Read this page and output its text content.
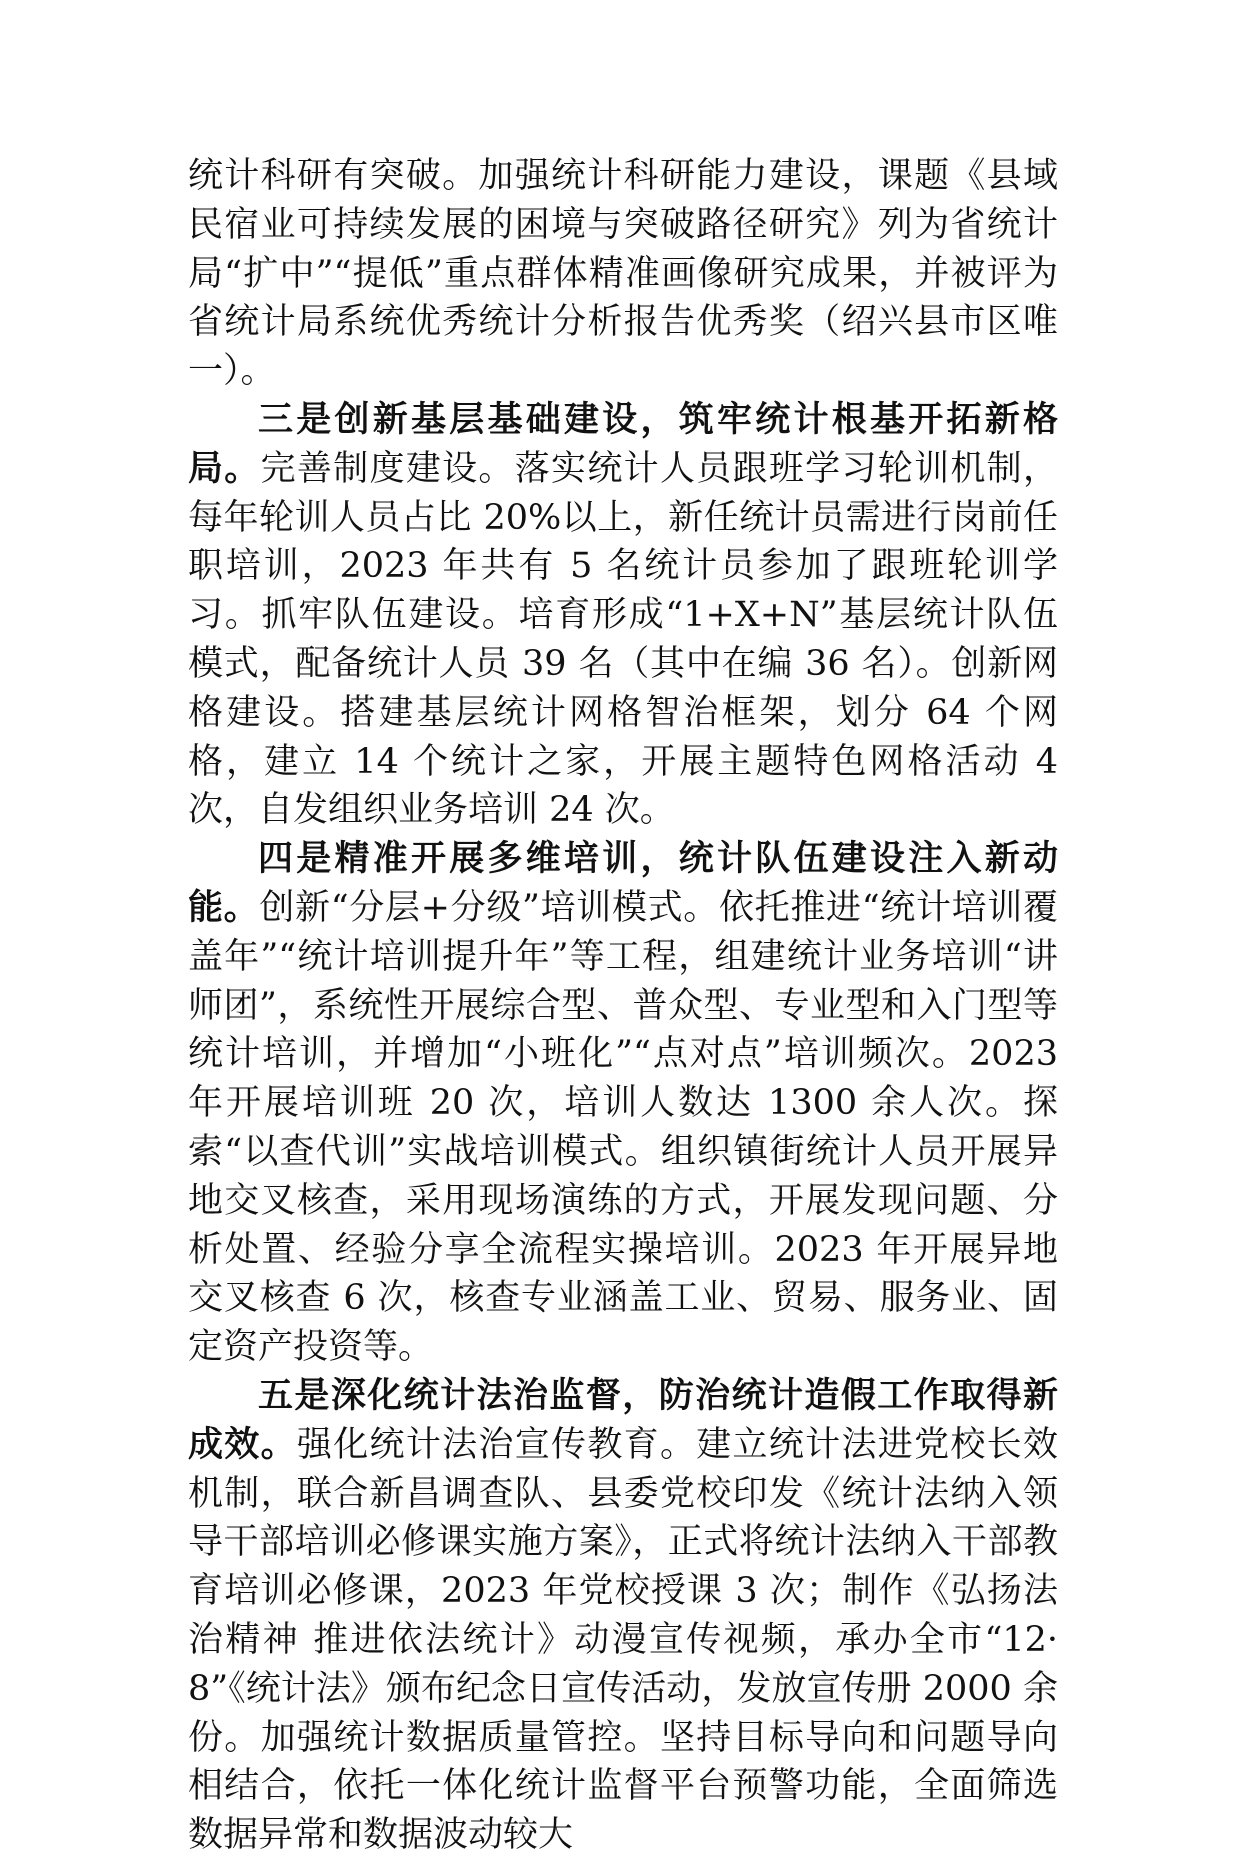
统计科研有突破。加强统计科研能力建设，课题《县域民宿业可持续发展的困境与突破路径研究》列为省统计局“扩中”“提低”重点群体精准画像研究成果，并被评为省统计局系统优秀统计分析报告优秀奖（绍兴县市区唯一）。

三是创新基层基础建设，筑牢统计根基开拓新格局。完善制度建设。落实统计人员跟班学习轮训机制，每年轮训人员占比 20%以上，新任统计员需进行岗前任职培训，2023 年共有 5 名统计员参加了跟班轮训学习。抓牢队伍建设。培育形成“1+X+N”基层统计队伍模式，配备统计人员 39 名（其中在编 36 名）。创新网格建设。搭建基层统计网格智治框架，划分 64 个网格，建立 14 个统计之家，开展主题特色网格活动 4 次，自发组织业务培训 24 次。

四是精准开展多维培训，统计队伍建设注入新动能。创新“分层+分级”培训模式。依托推进“统计培训覆盖年”“统计培训提升年”等工程，组建统计业务培训“讲师团”，系统性开展综合型、普众型、专业型和入门型等统计培训，并增加“小班化”“点对点”培训频次。2023 年开展培训班 20 次，培训人数达 1300 余人次。探索“以查代训”实战培训模式。组织镇街统计人员开展异地交叉核查，采用现场演练的方式，开展发现问题、分析处置、经验分享全流程实操培训。2023 年开展异地交叉核查 6 次，核查专业涵盖工业、贸易、服务业、固定资产投资等。

五是深化统计法治监督，防治统计造假工作取得新成效。强化统计法治宣传教育。建立统计法进党校长效机制，联合新昌调查队、县委党校印发《统计法纳入领导干部培训必修课实施方案》，正式将统计法纳入干部教育培训必修课，2023 年党校授课 3 次；制作《弘扬法治精神 推进依法统计》动漫宣传视频，承办全市“12·8”《统计法》颁布纪念日宣传活动，发放宣传册 2000 余份。加强统计数据质量管控。坚持目标导向和问题导向相结合，依托一体化统计监督平台预警功能，全面筛选数据异常和数据波动较大
